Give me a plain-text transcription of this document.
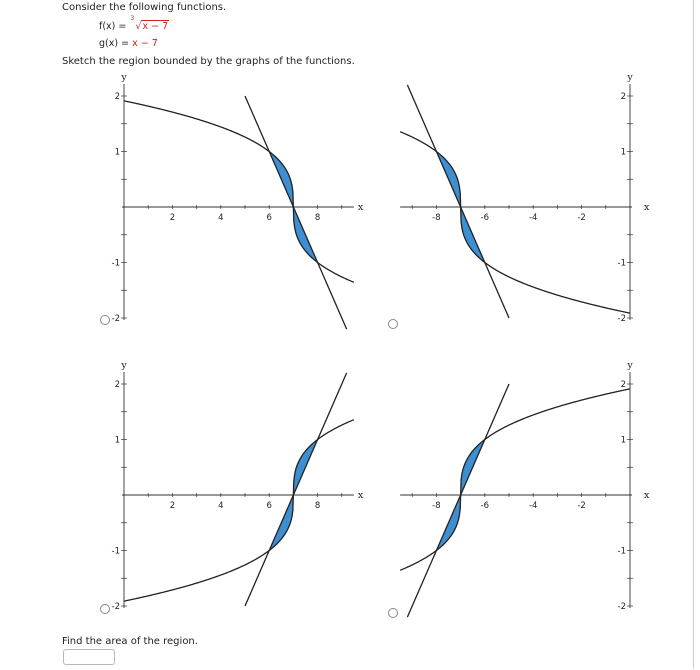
Consider the following functions.
f(x) =
3
√x − 7
g(x) = x − 7
Sketch the region bounded by the graphs of the functions.
2	4	6	8
2
1
-1
-2
x
y
-8	-6	-4	-2
2
1
-1
-2
x
y
2	4	6	8
2
1
-1
-2
x
y
-8	-6	-4	-2
2
1
-1
-2
x
y
Find the area of the region.
